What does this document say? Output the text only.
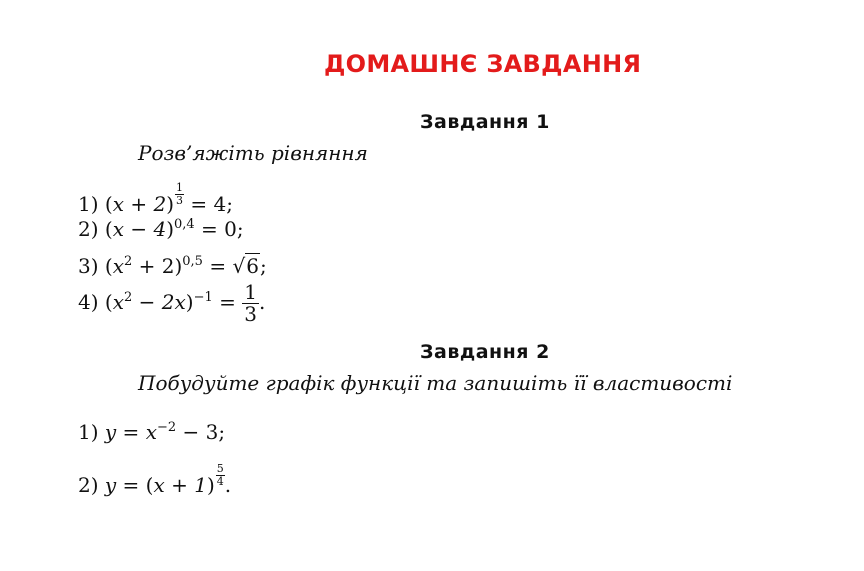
ДОМАШНЄ ЗАВДАННЯ
Завдання 1
Розв’яжіть рівняння
1) $(x + 2) \frac{1}{3} = 4$;
2) $(x - 4)^{0,4} = 0$;
3) $(x^2 + 2)^{0,5} = √6$;
4) $(x^2 - 2x)^{-1} = \frac{1}{3}$ .
Завдання 2
Побудуйте графік функції та запишіть її властивості
1) $y = x^{-2} - 3$;
2) $y = (x + 1) \frac{5}{4}$ .
